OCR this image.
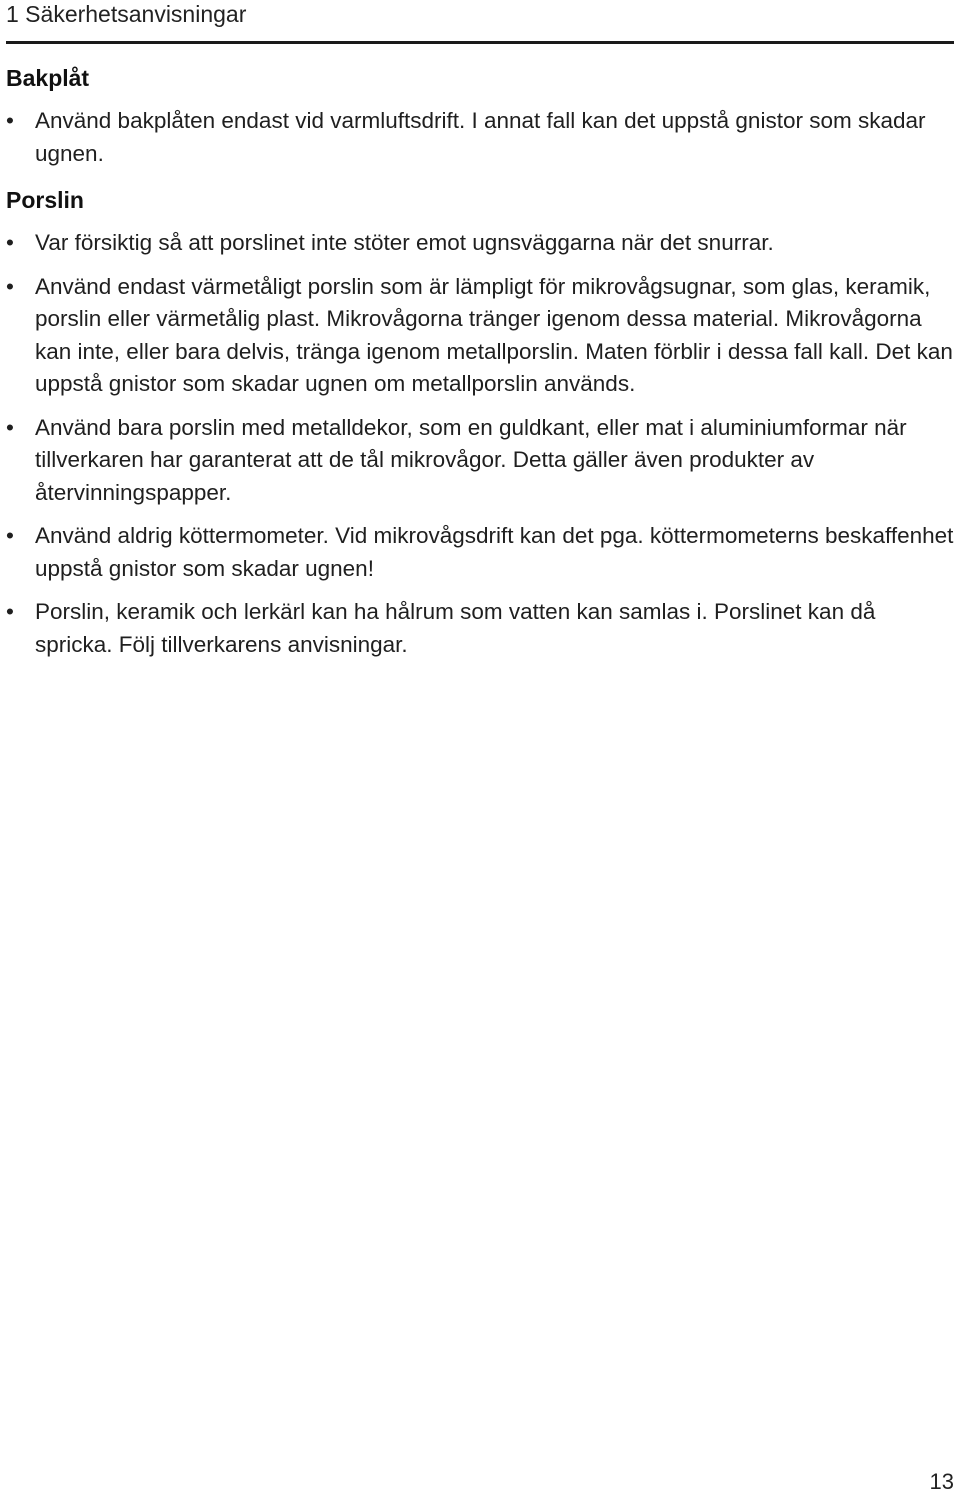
1 Säkerhetsanvisningar
Bakplåt
• Använd bakplåten endast vid varmluftsdrift. I annat fall kan det uppstå gnistor som skadar ugnen.
Porslin
• Var försiktig så att porslinet inte stöter emot ugnsväggarna när det snurrar.
• Använd endast värmetåligt porslin som är lämpligt för mikrovågsugnar, som glas, keramik, porslin eller värmetålig plast. Mikrovågorna tränger igenom dessa material. Mikrovågorna kan inte, eller bara delvis, tränga igenom metallporslin. Maten förblir i dessa fall kall. Det kan uppstå gnistor som skadar ugnen om metallporslin används.
• Använd bara porslin med metalldekor, som en guldkant, eller mat i aluminiumformar när tillverkaren har garanterat att de tål mikrovågor. Detta gäller även produkter av återvinningspapper.
• Använd aldrig köttermometer. Vid mikrovågsdrift kan det pga. köttermometerns beskaffenhet uppstå gnistor som skadar ugnen!
• Porslin, keramik och lerkärl kan ha hålrum som vatten kan samlas i. Porslinet kan då spricka. Följ tillverkarens anvisningar.
13
